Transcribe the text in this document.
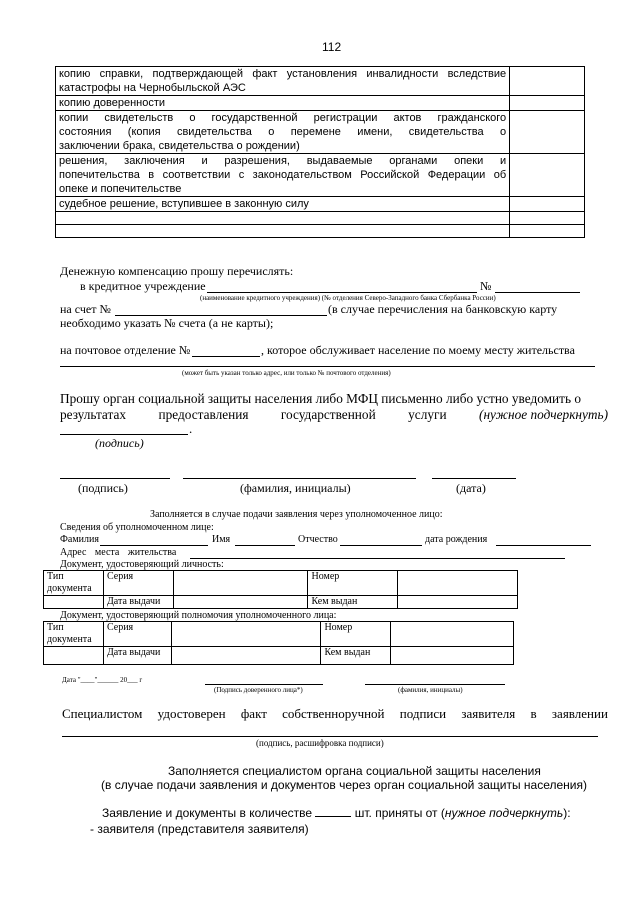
112
копию справки, подтверждающей факт установления инвалидности вследствие
катастрофы на Чернобыльской АЭС	

копию доверенности	

копии свидетельств о государственной регистрации актов гражданского
состояния (копия свидетельства о перемене имени, свидетельства о
заключении брака, свидетельства о рождении)	

решения, заключения и разрешения, выдаваемые органами опеки и
попечительства в соответствии с законодательством Российской Федерации об
опеке и попечительстве	

судебное решение, вступившее в законную силу	

Денежную компенсацию прошу перечислять:
в кредитное учреждение	№
(наименование кредитного учреждения) (№ отделения Северо-Западного банка Сбербанка России)
на счет №	(в случае перечисления на банковскую карту
необходимо указать № счета (а не карты);
на почтовое отделение №	, которое обслуживает население по моему месту жительства
(может быть указан только адрес, или только № почтового отделения)
Прошу орган социальной защиты населения либо МФЦ письменно либо устно уведомить о
результатах предоставления государственной услуги (нужное подчеркнуть)
.
(подпись)
(подпись)	(фамилия, инициалы)	(дата)
Заполняется в случае подачи заявления через уполномоченное лицо:
Сведения об уполномоченном лице:
Фамилия	Имя	Отчество	дата рождения
Адрес места жительства
Документ, удостоверяющий личность:
Тип документа	Серия		Номер	
	Дата выдачи		Кем выдан	
Документ, удостоверяющий полномочия уполномоченного лица:
Тип документа	Серия		Номер	
	Дата выдачи		Кем выдан	
Дата "____"______ 20___ г
(Подпись доверенного лица*)	(фамилия, инициалы)
Специалистом удостоверен факт собственноручной подписи заявителя в заявлении
(подпись, расшифровка подписи)
Заполняется специалистом органа социальной защиты населения
(в случае подачи заявления и документов через орган социальной защиты населения)
Заявление и документы в количестве	шт. приняты от (нужное подчеркнуть):
- заявителя (представителя заявителя)
